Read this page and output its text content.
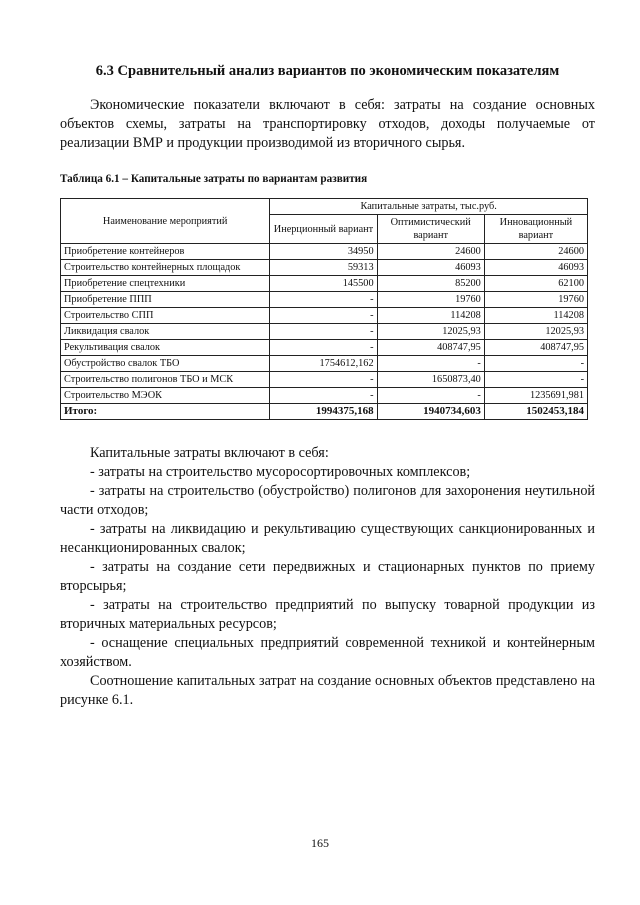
6.3 Сравнительный анализ вариантов по экономическим показателям
Экономические показатели включают в себя: затраты на создание основных объектов схемы, затраты на транспортировку отходов, доходы получаемые от реализации ВМР и продукции производимой из вторичного сырья.
Таблица 6.1 – Капитальные затраты по вариантам развития
Наименование мероприятий	Капитальные затраты, тыс.руб.		
	Инерционный вариант	Оптимистический вариант	Инновационный вариант
Приобретение контейнеров	34950	24600	24600
Строительство контейнерных площадок	59313	46093	46093
Приобретение спецтехники	145500	85200	62100
Приобретение ППП	-	19760	19760
Строительство СПП	-	114208	114208
Ликвидация свалок	-	12025,93	12025,93
Рекультивация свалок	-	408747,95	408747,95
Обустройство свалок ТБО	1754612,162	-	-
Строительство полигонов ТБО и МСК	-	1650873,40	-
Строительство МЭОК	-	-	1235691,981
Итого:	1994375,168	1940734,603	1502453,184
Капитальные затраты включают в себя:
- затраты на строительство мусоросортировочных комплексов;
- затраты на строительство (обустройство) полигонов для захоронения неутильной части отходов;
- затраты на ликвидацию и рекультивацию существующих санкционированных и несанкционированных свалок;
- затраты на создание сети передвижных и стационарных пунктов по приему вторсырья;
- затраты на строительство предприятий по выпуску товарной продукции из вторичных материальных ресурсов;
- оснащение специальных предприятий современной техникой и контейнерным хозяйством.
Соотношение капитальных затрат на создание основных объектов представлено на рисунке 6.1.
165
